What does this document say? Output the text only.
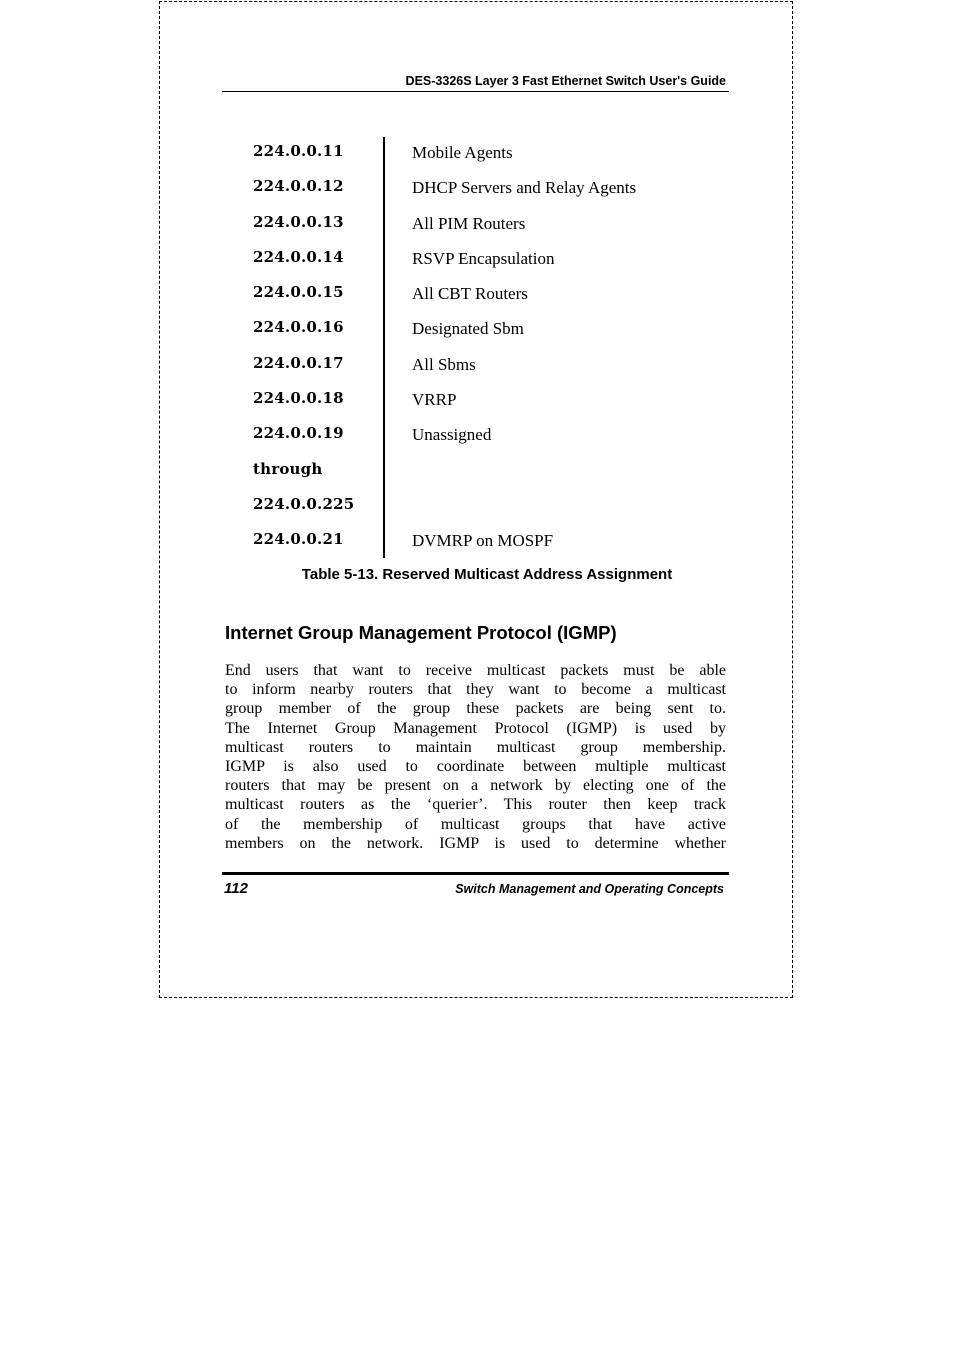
DES-3326S Layer 3 Fast Ethernet Switch User's Guide
224.0.0.11	Mobile Agents
224.0.0.12	DHCP Servers and Relay Agents
224.0.0.13	All PIM Routers
224.0.0.14	RSVP Encapsulation
224.0.0.15	All CBT Routers
224.0.0.16	Designated Sbm
224.0.0.17	All Sbms
224.0.0.18	VRRP
224.0.0.19	Unassigned
through
224.0.0.225
224.0.0.21	DVMRP on MOSPF
Table 5-13. Reserved Multicast Address Assignment
Internet Group Management Protocol (IGMP)
End users that want to receive multicast packets must be able
to inform nearby routers that they want to become a multicast
group member of the group these packets are being sent to.
The Internet Group Management Protocol (IGMP) is used by
multicast routers to maintain multicast group membership.
IGMP is also used to coordinate between multiple multicast
routers that may be present on a network by electing one of the
multicast routers as the ‘querier’. This router then keep track
of the membership of multicast groups that have active
members on the network. IGMP is used to determine whether
112	Switch Management and Operating Concepts
